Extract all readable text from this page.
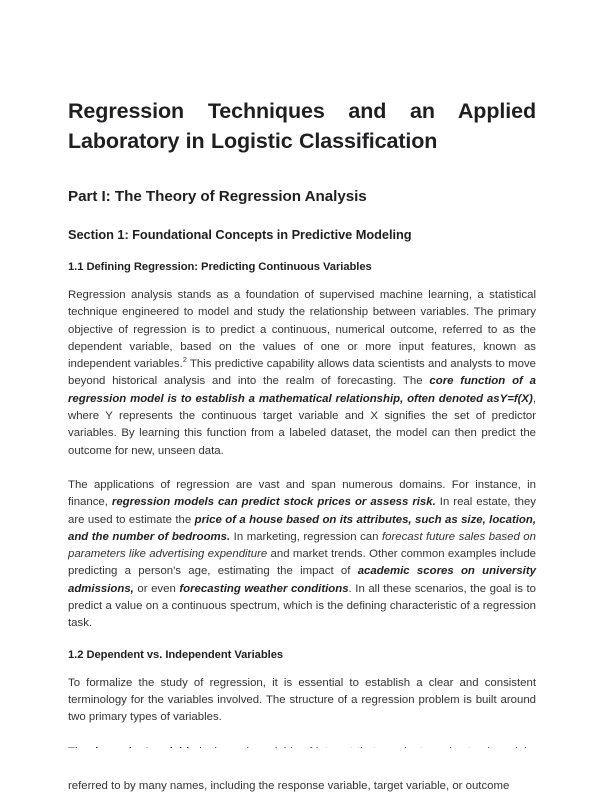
Regression Techniques and an Applied
Laboratory in Logistic Classification
Part I: The Theory of Regression Analysis
Section 1: Foundational Concepts in Predictive Modeling
1.1 Defining Regression: Predicting Continuous Variables

Regression analysis stands as a foundation of supervised machine learning, a statistical technique engineered to model and study the relationship between variables. The primary objective of regression is to predict a continuous, numerical outcome, referred to as the dependent variable, based on the values of one or more input features, known as independent variables.$^2$ This predictive capability allows data scientists and analysts to move beyond historical analysis and into the realm of forecasting. The core function of a regression model is to establish a mathematical relationship, often denoted asY=f(X), where Y represents the continuous target variable and X signifies the set of predictor variables. By learning this function from a labeled dataset, the model can then predict the outcome for new, unseen data.

The applications of regression are vast and span numerous domains. For instance, in finance, regression models can predict stock prices or assess risk. In real estate, they are used to estimate the price of a house based on its attributes, such as size, location, and the number of bedrooms. In marketing, regression can forecast future sales based on parameters like advertising expenditure and market trends. Other common examples include predicting a person's age, estimating the impact of academic scores on university admissions, or even forecasting weather conditions. In all these scenarios, the goal is to predict a value on a continuous spectrum, which is the defining characteristic of a regression task.

1.2 Dependent vs. Independent Variables

To formalize the study of regression, it is essential to establish a clear and consistent terminology for the variables involved. The structure of a regression problem is built around two primary types of variables.

referred to by many names, including the response variable, target variable, or outcome
